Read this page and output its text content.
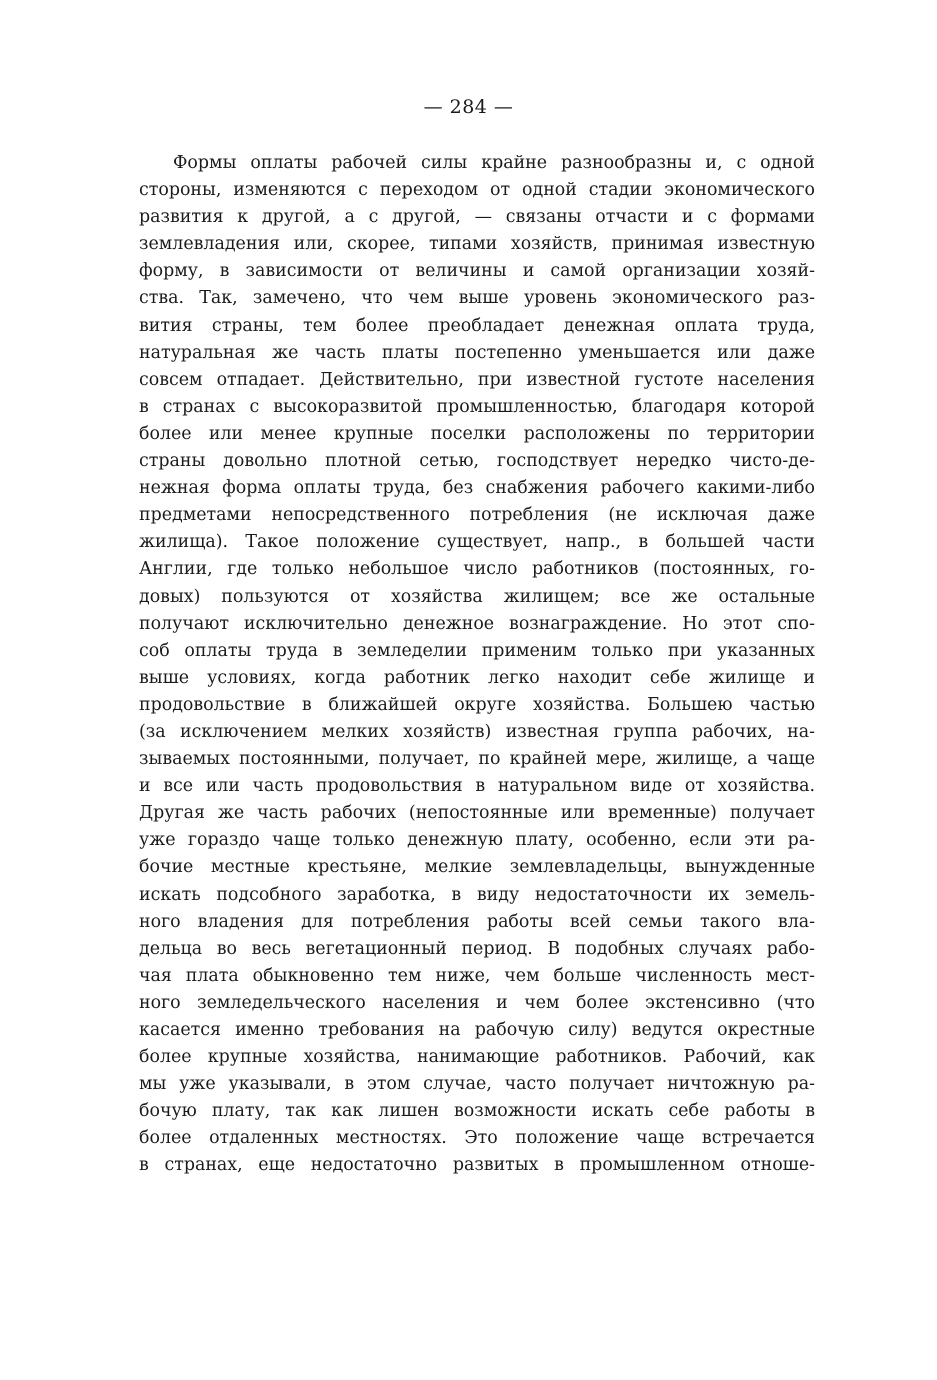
— 284 —
Формы оплаты рабочей силы крайне разнообразны и, с одной
стороны, изменяются с переходом от одной стадии экономического
развития к другой, а с другой, — связаны отчасти и с формами
землевладения или, скорее, типами хозяйств, принимая известную
форму, в зависимости от величины и самой организации хозяй-
ства. Так, замечено, что чем выше уровень экономического раз-
вития страны, тем более преобладает денежная оплата труда,
натуральная же часть платы постепенно уменьшается или даже
совсем отпадает. Действительно, при известной густоте населения
в странах с высокоразвитой промышленностью, благодаря которой
более или менее крупные поселки расположены по территории
страны довольно плотной сетью, господствует нередко чисто-де-
нежная форма оплаты труда, без снабжения рабочего какими-либо
предметами непосредственного потребления (не исключая даже
жилища). Такое положение существует, напр., в большей части
Англии, где только небольшое число работников (постоянных, го-
довых) пользуются от хозяйства жилищем; все же остальные
получают исключительно денежное вознаграждение. Но этот спо-
соб оплаты труда в земледелии применим только при указанных
выше условиях, когда работник легко находит себе жилище и
продовольствие в ближайшей округе хозяйства. Большею частью
(за исключением мелких хозяйств) известная группа рабочих, на-
зываемых постоянными, получает, по крайней мере, жилище, а чаще
и все или часть продовольствия в натуральном виде от хозяйства.
Другая же часть рабочих (непостоянные или временные) получает
уже гораздо чаще только денежную плату, особенно, если эти ра-
бочие местные крестьяне, мелкие землевладельцы, вынужденные
искать подсобного заработка, в виду недостаточности их земель-
ного владения для потребления работы всей семьи такого вла-
дельца во весь вегетационный период. В подобных случаях рабо-
чая плата обыкновенно тем ниже, чем больше численность мест-
ного земледельческого населения и чем более экстенсивно (что
касается именно требования на рабочую силу) ведутся окрестные
более крупные хозяйства, нанимающие работников. Рабочий, как
мы уже указывали, в этом случае, часто получает ничтожную ра-
бочую плату, так как лишен возможности искать себе работы в
более отдаленных местностях. Это положение чаще встречается
в странах, еще недостаточно развитых в промышленном отноше-
